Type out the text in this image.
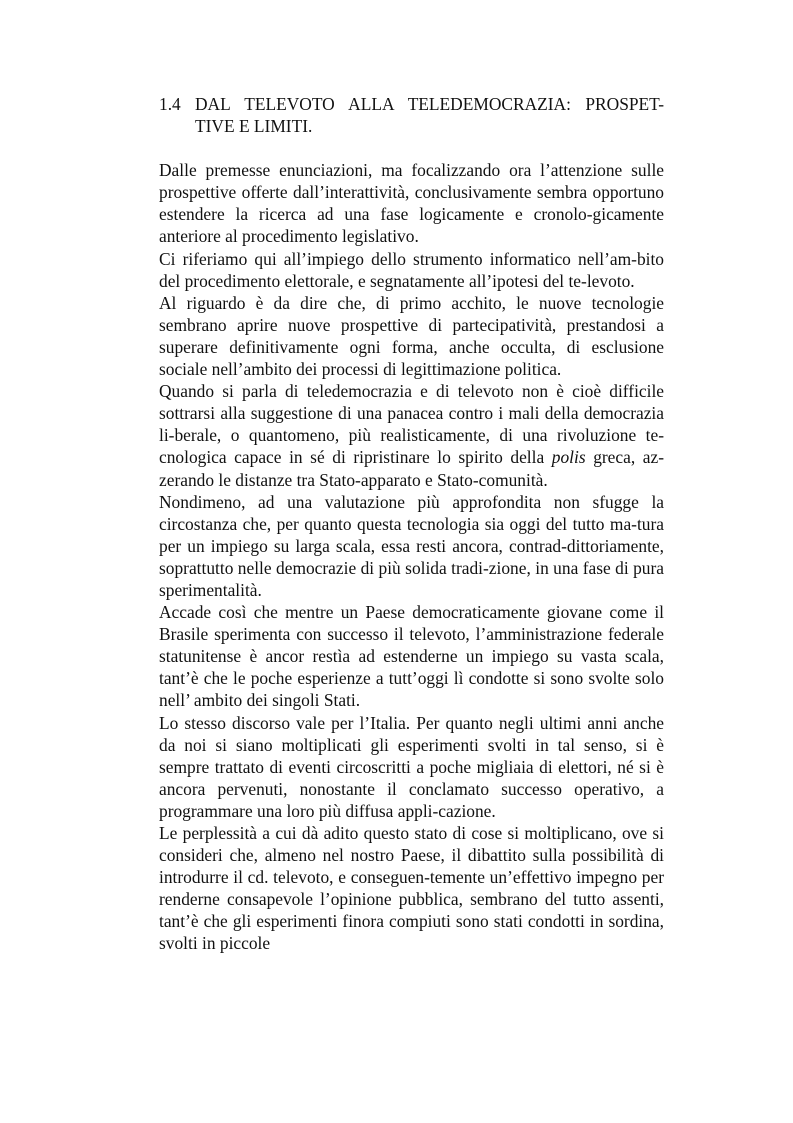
1.4 DAL TELEVOTO ALLA TELEDEMOCRAZIA: PROSPET-
TIVE E LIMITI.

Dalle premesse enunciazioni, ma focalizzando ora l’attenzione sulle prospettive offerte dall’interattività, conclusivamente sembra opportuno estendere la ricerca ad una fase logicamente e cronolo-gicamente anteriore al procedimento legislativo.

Ci riferiamo qui all’impiego dello strumento informatico nell’am-bito del procedimento elettorale, e segnatamente all’ipotesi del te-levoto.

Al riguardo è da dire che, di primo acchito, le nuove tecnologie sembrano aprire nuove prospettive di partecipatività, prestandosi a superare definitivamente ogni forma, anche occulta, di esclusione sociale nell’ambito dei processi di legittimazione politica.

Quando si parla di teledemocrazia e di televoto non è cioè difficile sottrarsi alla suggestione di una panacea contro i mali della democrazia li-berale, o quantomeno, più realisticamente, di una rivoluzione te-cnologica capace in sé di ripristinare lo spirito della polis greca, az-zerando le distanze tra Stato-apparato e Stato-comunità.

Nondimeno, ad una valutazione più approfondita non sfugge la circostanza che, per quanto questa tecnologia sia oggi del tutto ma-tura per un impiego su larga scala, essa resti ancora, contrad-dittoriamente, soprattutto nelle democrazie di più solida tradi-zione, in una fase di pura sperimentalità.

Accade così che mentre un Paese democraticamente giovane come il Brasile sperimenta con successo il televoto, l’amministrazione federale statunitense è ancor restìa ad estenderne un impiego su vasta scala, tant’è che le poche esperienze a tutt’oggi lì condotte si sono svolte solo nell’ ambito dei singoli Stati.

Lo stesso discorso vale per l’Italia. Per quanto negli ultimi anni anche da noi si siano moltiplicati gli esperimenti svolti in tal senso, si è sempre trattato di eventi circoscritti a poche migliaia di elettori, né si è ancora pervenuti, nonostante il conclamato successo operativo, a programmare una loro più diffusa appli-cazione.

Le perplessità a cui dà adito questo stato di cose si moltiplicano, ove si consideri che, almeno nel nostro Paese, il dibattito sulla possibilità di introdurre il cd. televoto, e conseguen-temente un’effettivo impegno per renderne consapevole l’opinione pubblica, sembrano del tutto assenti, tant’è che gli esperimenti finora compiuti sono stati condotti in sordina, svolti in piccole
